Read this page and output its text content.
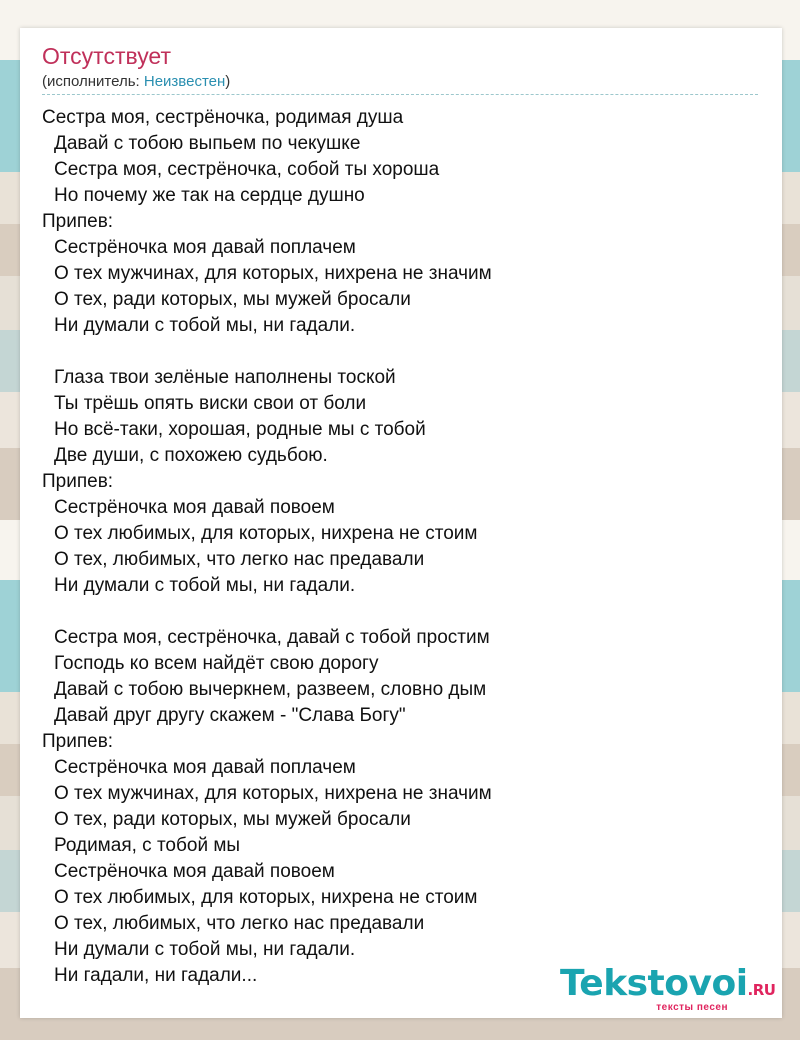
Отсутствует
(исполнитель: Неизвестен)
Сестра моя, сестрёночка, родимая душа
Давай с тобою выпьем по чекушке
Сестра моя, сестрёночка, собой ты хороша
Но почему же так на сердце душно
Припев:
Сестрёночка моя давай поплачем
О тех мужчинах, для которых, нихрена не значим
О тех, ради которых, мы мужей бросали
Ни думали с тобой мы, ни гадали.
Глаза твои зелёные наполнены тоской
Ты трёшь опять виски свои от боли
Но всё-таки, хорошая, родные мы с тобой
Две души, с похожею судьбою.
Припев:
Сестрёночка моя давай повоем
О тех любимых, для которых, нихрена не стоим
О тех, любимых, что легко нас предавали
Ни думали с тобой мы, ни гадали.
Сестра моя, сестрёночка, давай с тобой простим
Господь ко всем найдёт свою дорогу
Давай с тобою вычеркнем, развеем, словно дым
Давай друг другу скажем - "Слава Богу"
Припев:
Сестрёночка моя давай поплачем
О тех мужчинах, для которых, нихрена не значим
О тех, ради которых, мы мужей бросали
Родимая, с тобой мы
Сестрёночка моя давай повоем
О тех любимых, для которых, нихрена не стоим
О тех, любимых, что легко нас предавали
Ни думали с тобой мы, ни гадали.
Ни гадали, ни гадали...	Tekstovoi.RU
тексты песен
